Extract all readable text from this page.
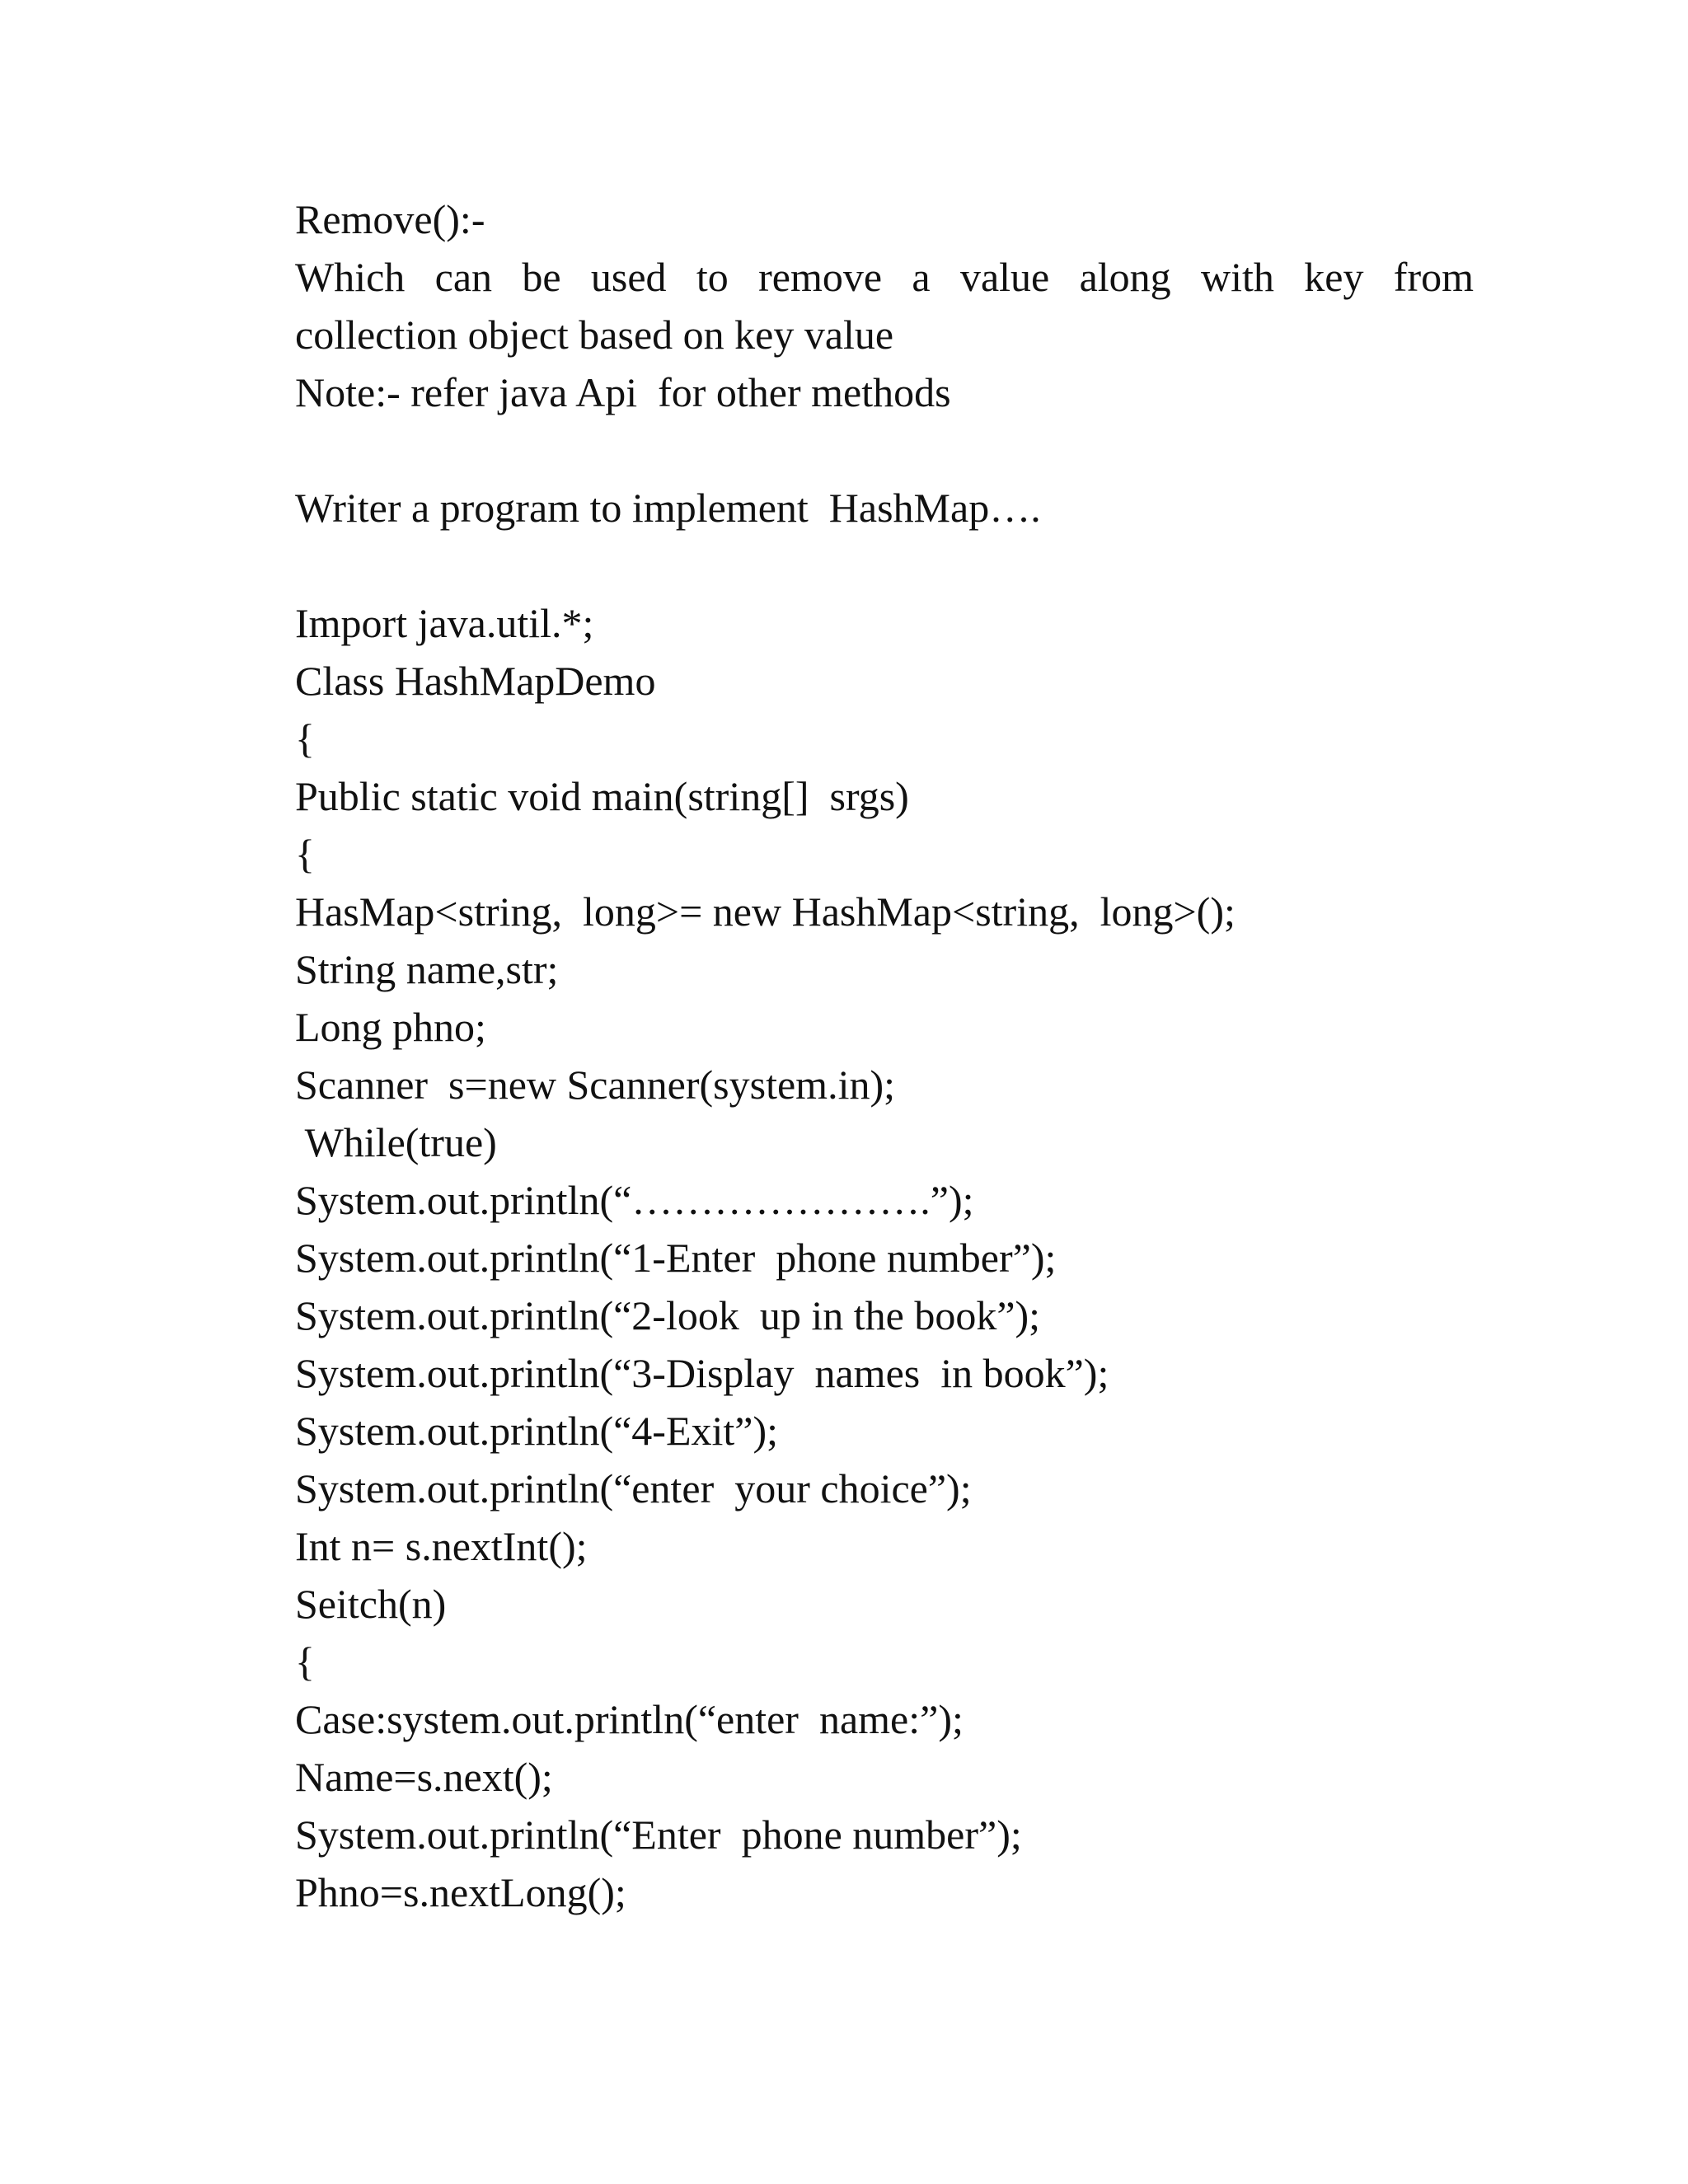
Remove():-
Which can be used to remove a value along with key from
collection object based on key value
Note:- refer java Api  for other methods
Writer a program to implement  HashMap….
Import java.util.*;
Class HashMapDemo
{
Public static void main(string[]  srgs)
{
HasMap<string,  long>= new HashMap<string,  long>();
String name,str;
Long phno;
Scanner  s=new Scanner(system.in);
While(true)
System.out.println(“………………….”);
System.out.println(“1-Enter  phone number”);
System.out.println(“2-look  up in the book”);
System.out.println(“3-Display  names  in book”);
System.out.println(“4-Exit”);
System.out.println(“enter  your choice”);
Int n= s.nextInt();
Seitch(n)
{
Case:system.out.println(“enter  name:”);
Name=s.next();
System.out.println(“Enter  phone number”);
Phno=s.nextLong();
